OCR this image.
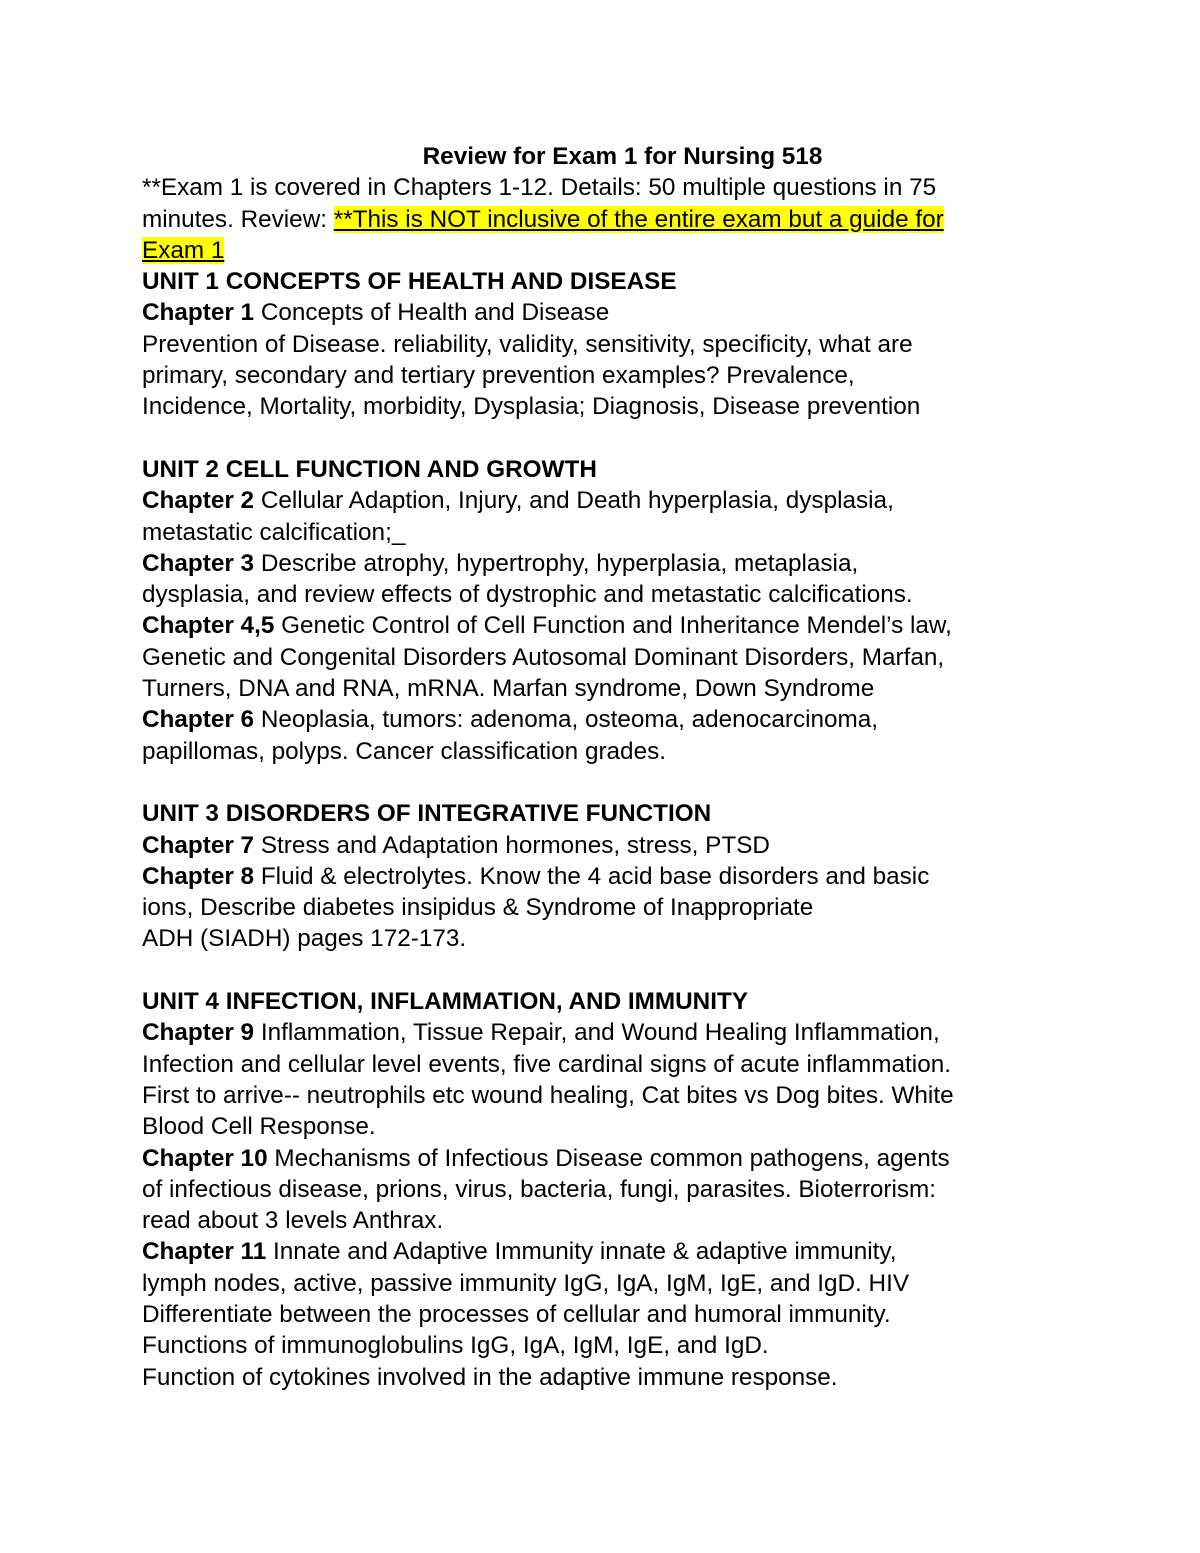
Review for Exam 1 for Nursing 518
**Exam 1 is covered in Chapters 1-12. Details: 50 multiple questions in 75
minutes. Review: **This is NOT inclusive of the entire exam but a guide for
Exam 1
UNIT 1 CONCEPTS OF HEALTH AND DISEASE
Chapter 1 Concepts of Health and Disease
Prevention of Disease. reliability, validity, sensitivity, specificity, what are
primary, secondary and tertiary prevention examples? Prevalence,
Incidence, Mortality, morbidity, Dysplasia; Diagnosis, Disease prevention
UNIT 2 CELL FUNCTION AND GROWTH
Chapter 2 Cellular Adaption, Injury, and Death hyperplasia, dysplasia,
metastatic calcification;_
Chapter 3 Describe atrophy, hypertrophy, hyperplasia, metaplasia,
dysplasia, and review effects of dystrophic and metastatic calcifications.
Chapter 4,5 Genetic Control of Cell Function and Inheritance Mendel’s law,
Genetic and Congenital Disorders Autosomal Dominant Disorders, Marfan,
Turners, DNA and RNA, mRNA. Marfan syndrome, Down Syndrome
Chapter 6 Neoplasia, tumors: adenoma, osteoma, adenocarcinoma,
papillomas, polyps. Cancer classification grades.
UNIT 3 DISORDERS OF INTEGRATIVE FUNCTION
Chapter 7 Stress and Adaptation hormones, stress, PTSD
Chapter 8 Fluid & electrolytes. Know the 4 acid base disorders and basic
ions, Describe diabetes insipidus & Syndrome of Inappropriate
ADH (SIADH) pages 172-173.
UNIT 4 INFECTION, INFLAMMATION, AND IMMUNITY
Chapter 9 Inflammation, Tissue Repair, and Wound Healing Inflammation,
Infection and cellular level events, five cardinal signs of acute inflammation.
First to arrive-- neutrophils etc wound healing, Cat bites vs Dog bites. White
Blood Cell Response.
Chapter 10 Mechanisms of Infectious Disease common pathogens, agents
of infectious disease, prions, virus, bacteria, fungi, parasites. Bioterrorism:
read about 3 levels Anthrax.
Chapter 11 Innate and Adaptive Immunity innate & adaptive immunity,
lymph nodes, active, passive immunity IgG, IgA, IgM, IgE, and IgD. HIV
Differentiate between the processes of cellular and humoral immunity.
Functions of immunoglobulins IgG, IgA, IgM, IgE, and IgD.
Function of cytokines involved in the adaptive immune response.
